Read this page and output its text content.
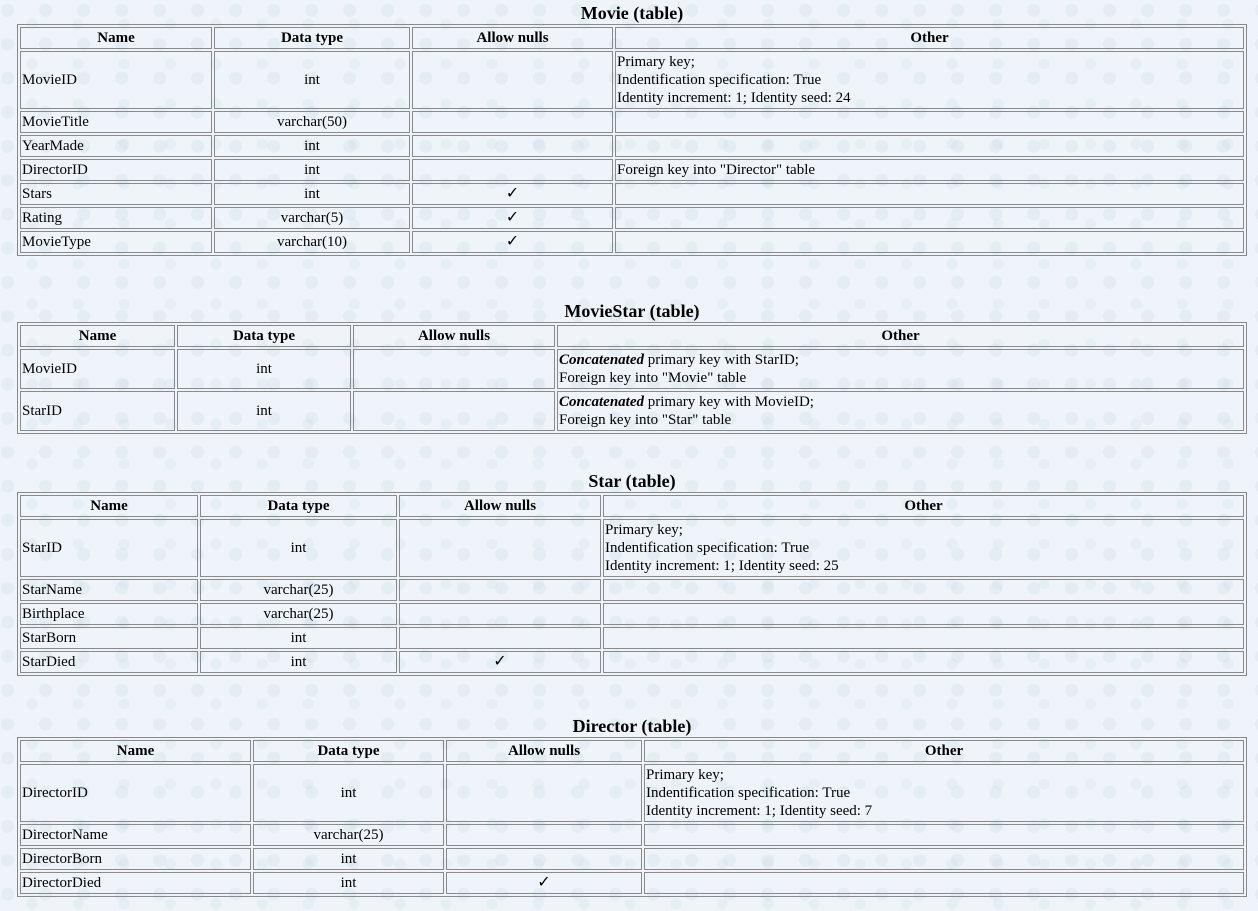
Movie (table)
Name	Data type	Allow nulls	Other
MovieID	int		Primary key;
Indentification specification: True
Identity increment: 1; Identity seed: 24

MovieTitle	varchar(50)		
YearMade	int		
DirectorID	int		Foreign key into "Director" table
Stars	int	✓	
Rating	varchar(5)	✓	
MovieType	varchar(10)	✓	
MovieStar (table)
Name	Data type	Allow nulls	Other
MovieID	int		Concatenated primary key with StarID;
Foreign key into "Movie" table

StarID	int		Concatenated primary key with MovieID;
Foreign key into "Star" table
Star (table)
Name	Data type	Allow nulls	Other
StarID	int		Primary key;
Indentification specification: True
Identity increment: 1; Identity seed: 25

StarName	varchar(25)		
Birthplace	varchar(25)		
StarBorn	int		
StarDied	int	✓	
Director (table)
Name	Data type	Allow nulls	Other
DirectorID	int		Primary key;
Indentification specification: True
Identity increment: 1; Identity seed: 7

DirectorName	varchar(25)		
DirectorBorn	int		
DirectorDied	int	✓	
